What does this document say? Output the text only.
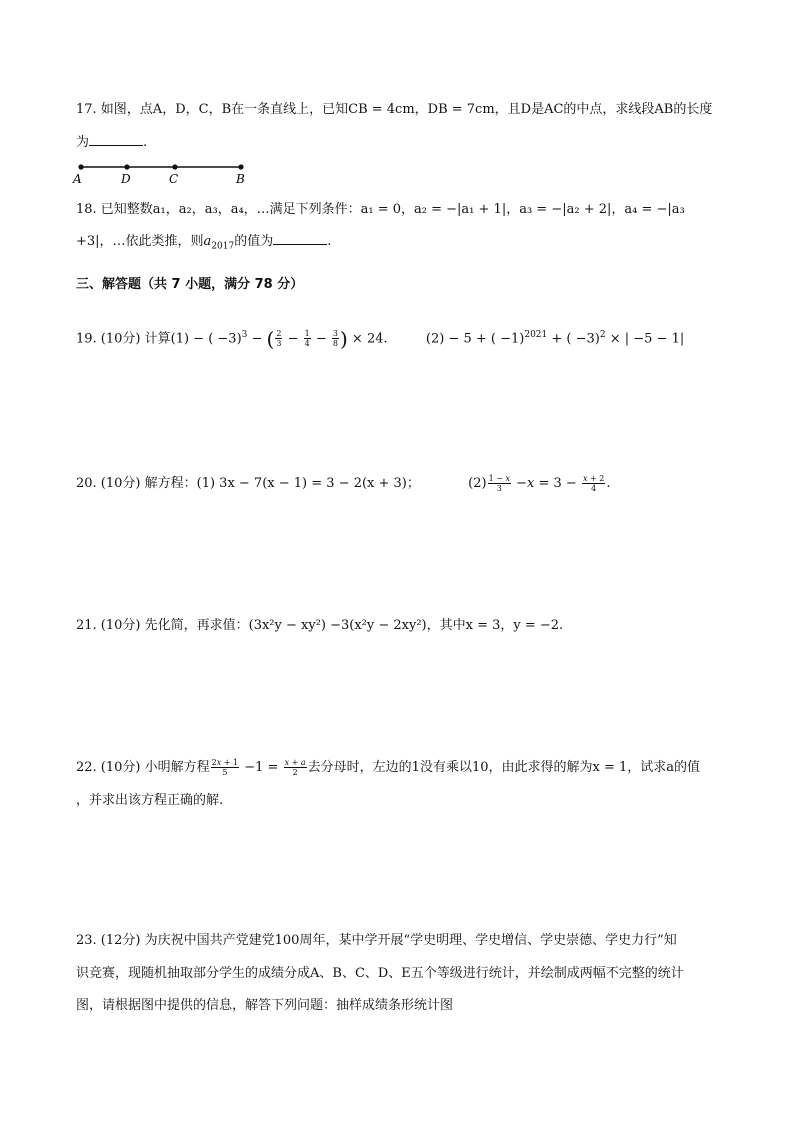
17. 如图，点A，D，C，B在一条直线上，已知CB = 4cm，DB = 7cm，且D是AC的中点，求线段AB的长度
为	.
A	D	C	B
18. 已知整数a₁，a₂，a₃，a₄，…满足下列条件：a₁ = 0，a₂ = −|a₁ + 1|，a₃ = −|a₂ + 2|，a₄ = −|a₃
+3|，…依此类推，则$a_{2017}$的值为	.
三、解答题（共 7 小题，满分 78 分）
19. (10分) 计算(1) − ( −3)$^3$ − ( $\frac{2}{3} - \frac{1}{4} - \frac{3}{8}$ ) × 24.	(2) − 5 + ( −1)$^{2021}$ + ( −3)$^2$ × | −5 − 1|
20. (10分) 解方程：(1) 3x − 7(x − 1) = 3 − 2(x + 3)；	$(2) \frac{1 - x}{3} -x = 3 - \frac{x + 2}{4}$ .
21. (10分) 先化简，再求值：(3x²y − xy²) −3(x²y − 2xy²)，其中x = 3，y = −2.
22. (10分) 小明解方程 $\frac{2x + 1}{5} -1 = \frac{x + a}{2}$ 去分母时，左边的1没有乘以10，由此求得的解为x = 1，试求a的值
，并求出该方程正确的解.
23. (12分) 为庆祝中国共产党建党100周年，某中学开展“学史明理、学史增信、学史崇德、学史力行”知
识竞赛，现随机抽取部分学生的成绩分成A、B、C、D、E五个等级进行统计，并绘制成两幅不完整的统计
图，请根据图中提供的信息，解答下列问题：抽样成绩条形统计图
